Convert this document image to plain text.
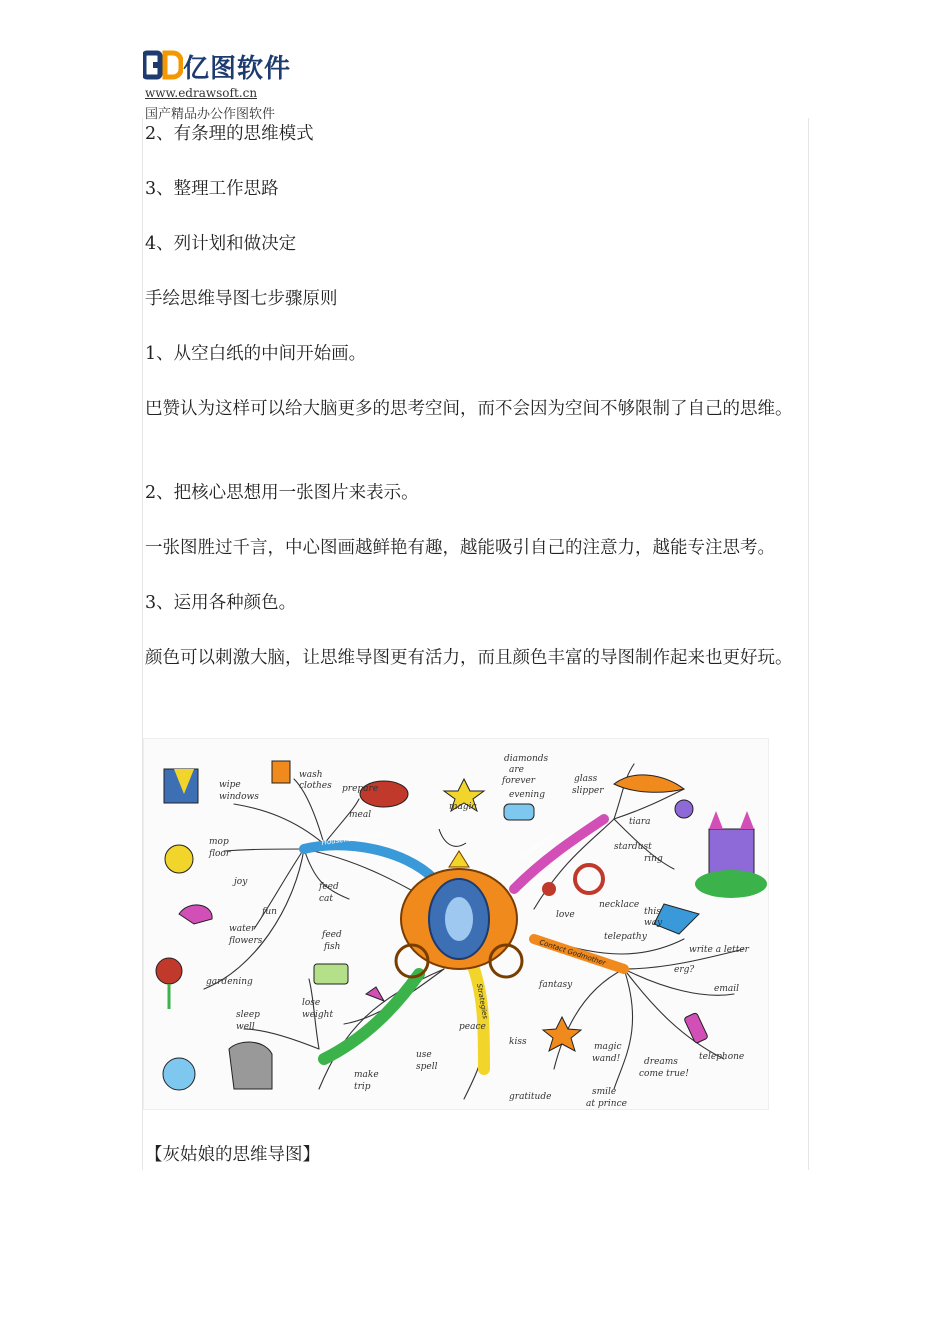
亿图软件
www.edrawsoft.cn
国产精品办公作图软件

2、有条理的思维模式

3、整理工作思路

4、列计划和做决定

手绘思维导图七步骤原则

1、从空白纸的中间开始画。

巴赞认为这样可以给大脑更多的思考空间，而不会因为空间不够限制了自己的思维。

2、把核心思想用一张图片来表示。

一张图胜过千言，中心图画越鲜艳有趣，越能吸引自己的注意力，越能专注思考。

3、运用各种颜色。

颜色可以刺激大脑，让思维导图更有活力，而且颜色丰富的导图制作起来也更好玩。

wipe
windows
wash
clothes prepare
meal
magic
diamonds
are
forever
evening
glass
slipper
tiara
stardust
ring
mop
floor
joy
fun
feed
cat
feed
fish
water
flowers
gardening
sleep
well
lose
weight
love
necklace
this
way
telepathy
write a letter
erg?
email
fantasy
peace
kiss	magic
wand!	telephone
dreams
come true!
smile
at prince
gratitude
make
trip
use
spell
Household Chores	Accessories
Contact Godmother
Strategies

【灰姑娘的思维导图】
